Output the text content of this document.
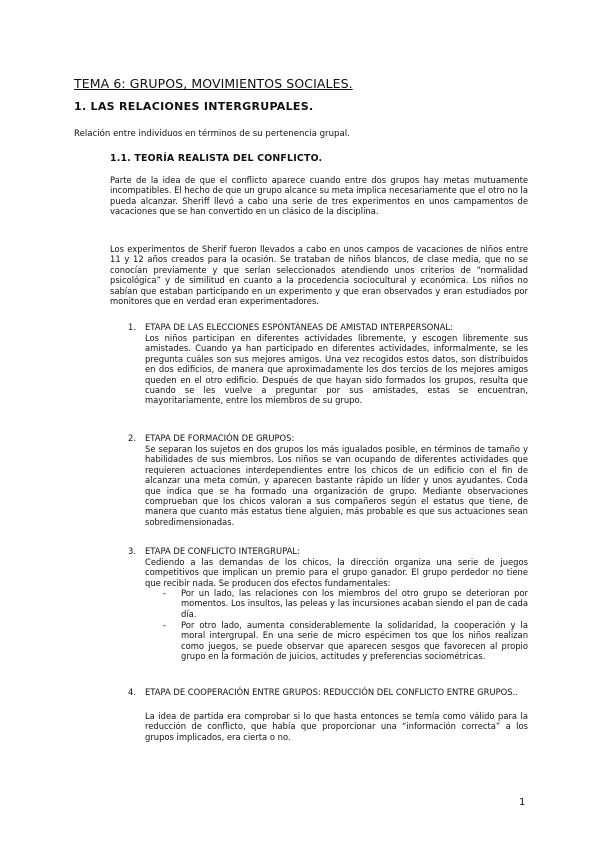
TEMA 6: GRUPOS, MOVIMIENTOS SOCIALES.
1. LAS RELACIONES INTERGRUPALES.
Relación entre individuos en términos de su pertenencia grupal.
1.1. TEORÍA REALISTA DEL CONFLICTO.
Parte de la idea de que el conflicto aparece cuando entre dos grupos hay metas mutuamente incompatibles. El hecho de que un grupo alcance su meta implica necesariamente que el otro no la pueda alcanzar. Sheriff llevó a cabo una serie de tres experimentos en unos campamentos de vacaciones que se han convertido en un clásico de la disciplina.
Los experimentos de Sherif fueron llevados a cabo en unos campos de vacaciones de niños entre 11 y 12 años creados para la ocasión. Se trataban de niños blancos, de clase media, que no se conocían previamente y que serían seleccionados atendiendo unos criterios de “normalidad psicológica” y de similitud en cuanto a la procedencia sociocultural y económica. Los niños no sabían que estaban participando en un experimento y que eran observados y eran estudiados por monitores que en verdad eran experimentadores.
1. ETAPA DE LAS ELECCIONES ESPONTÁNEAS DE AMISTAD INTERPERSONAL:
Los niños participan en diferentes actividades libremente, y escogen libremente sus amistades. Cuando ya han participado en diferentes actividades, informalmente, se les pregunta cuáles son sus mejores amigos. Una vez recogidos estos datos, son distribuidos en dos edificios, de manera que aproximadamente los dos tercios de los mejores amigos queden en el otro edificio. Después de que hayan sido formados los grupos, resulta que cuando se les vuelve a preguntar por sus amistades, estas se encuentran, mayoritariamente, entre los miembros de su grupo.
2. ETAPA DE FORMACIÓN DE GRUPOS:
Se separan los sujetos en dos grupos los más igualados posible, en términos de tamaño y habilidades de sus miembros. Los niños se van ocupando de diferentes actividades que requieren actuaciones interdependientes entre los chicos de un edificio con el fin de alcanzar una meta común, y aparecen bastante rápido un líder y unos ayudantes. Coda que indica que se ha formado una organización de grupo. Mediante observaciones comprueban que los chicos valoran a sus compañeros según el estatus que tiene, de manera que cuanto más estatus tiene alguien, más probable es que sus actuaciones sean sobredimensionadas.
3. ETAPA DE CONFLICTO INTERGRUPAL:
Cediendo a las demandas de los chicos, la dirección organiza una serie de juegos competitivos que implican un premio para el grupo ganador. El grupo perdedor no tiene que recibir nada. Se producen dos efectos fundamentales:
- Por un lado, las relaciones con los miembros del otro grupo se deterioran por momentos. Los insultos, las peleas y las incursiones acaban siendo el pan de cada día.
- Por otro lado, aumenta considerablemente la solidaridad, la cooperación y la moral intergrupal. En una serie de micro espécimen tos que los niños realizan como juegos, se puede observar que aparecen sesgos que favorecen al propio grupo en la formación de juicios, actitudes y preferencias sociométricas.
4. ETAPA DE COOPERACIÓN ENTRE GRUPOS: REDUCCIÓN DEL CONFLICTO ENTRE GRUPOS..
La idea de partida era comprobar si lo que hasta entonces se temía como válido para la reducción de conflicto, que había que proporcionar una “información correcta” a los grupos implicados, era cierta o no.
1
